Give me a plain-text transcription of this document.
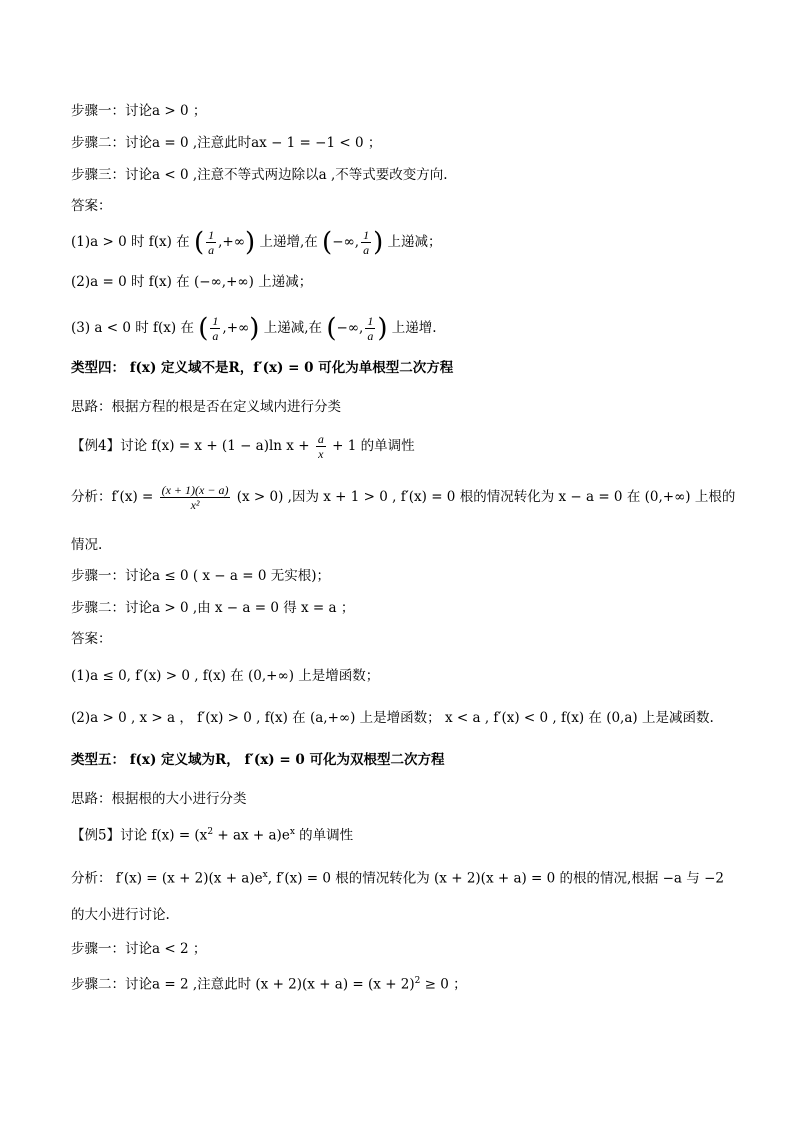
步骤一：讨论a > 0 ；
步骤二：讨论a = 0 ,注意此时ax − 1 = −1 < 0 ；
步骤三：讨论a < 0 ,注意不等式两边除以a ,不等式要改变方向.
答案：
(1)a > 0 时 f(x) 在 ( $\frac{1}{a}$ ,+∞) 上递增,在 (−∞, $\frac{1}{a}$ ) 上递减；
(2)a = 0 时 f(x) 在 (−∞,+∞) 上递减；
(3) a < 0 时 f(x) 在 ( $\frac{1}{a}$ ,+∞) 上递减,在 (−∞, $\frac{1}{a}$ ) 上递增.
类型四： f(x) 定义域不是R，f′(x) = 0 可化为单根型二次方程
思路：根据方程的根是否在定义域内进行分类
【例4】讨论 f(x) = x + (1 − a)ln $x + \frac{a}{x} + 1$ 的单调性
分析：$f'(x) = \frac{(x + 1)(x - a)}{\text{x²}} (x > 0)$ ,因为 x + 1 > 0 , f′(x) = 0 根的情况转化为 x − a = 0 在 (0,+∞) 上根的
情况.
步骤一：讨论a ≤ 0 ( x − a = 0 无实根)；
步骤二：讨论a > 0 ,由 x − a = 0 得 x = a ；
答案：
(1)a ≤ 0, f′(x) > 0 , f(x) 在 (0,+∞) 上是增函数；
(2)a > 0 , x > a ， f′(x) > 0 , f(x) 在 (a,+∞) 上是增函数； x < a , f′(x) < 0 , f(x) 在 (0,a) 上是减函数.
类型五： f(x) 定义域为R， f′(x) = 0 可化为双根型二次方程
思路：根据根的大小进行分类
【例5】讨论 $f(x) = (x^2$ + ax + $a)e^x$ 的单调性
分析： $f'(x) = (x + 2)(x + a)e^x$, f′(x) = 0 根的情况转化为 (x + 2)(x + a) = 0 的根的情况,根据 −a 与 −2
的大小进行讨论.
步骤一：讨论a < 2 ；
步骤二：讨论a = 2 ,注意此时 $(x + 2)(x + a) = (x + 2)^2 \ge 0$ ；
